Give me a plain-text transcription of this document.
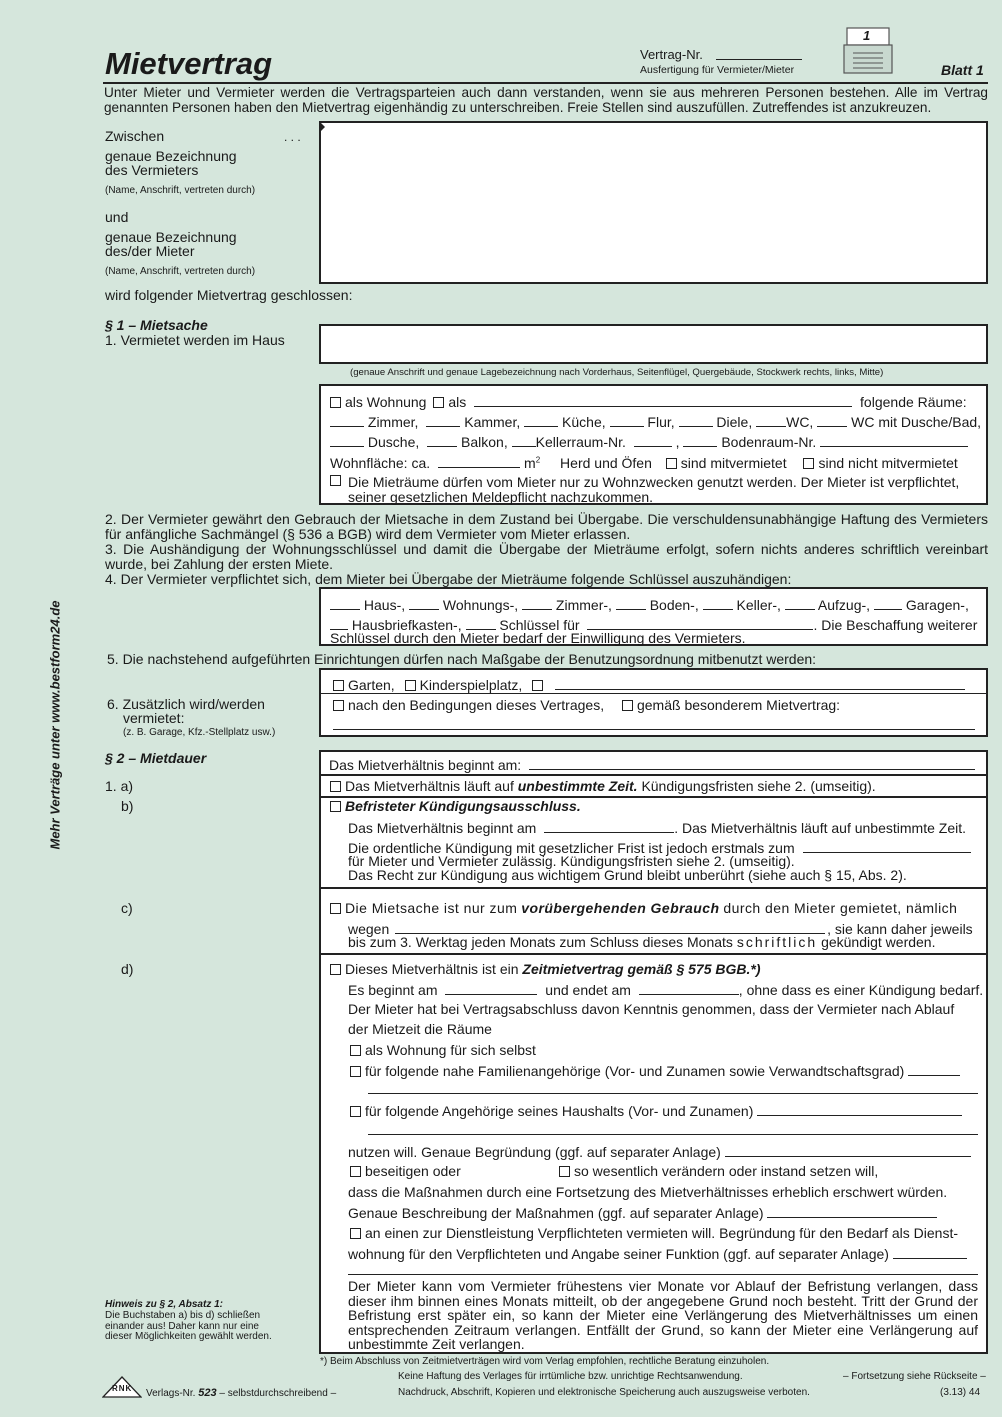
Mietvertrag	Vertrag-Nr.
Ausfertigung für Vermieter/Mieter
1
Blatt 1
Unter Mieter und Vermieter werden die Vertragsparteien auch dann verstanden, wenn sie aus mehreren Personen bestehen. Alle im Vertrag genannten Personen haben den Mietvertrag eigenhändig zu unterschreiben. Freie Stellen sind auszufüllen. Zutreffendes ist anzukreuzen.
Mehr Verträge unter www.bestform24.de
Zwischen	. . .
genaue Bezeichnung
des Vermieters
(Name, Anschrift, vertreten durch)
und
genaue Bezeichnung
des/der Mieter
(Name, Anschrift, vertreten durch)
wird folgender Mietvertrag geschlossen:
§ 1 – Mietsache
1. Vermietet werden im Haus
(genaue Anschrift und genaue Lagebezeichnung nach Vorderhaus, Seitenflügel, Quergebäude, Stockwerk rechts, links, Mitte)
als Wohnung als	folgende Räume:
Zimmer,	Kammer,	Küche,	Flur,	Diele, WC,	WC mit Dusche/Bad,
Dusche,	Balkon, Kellerraum-Nr.	,	Bodenraum-Nr.
Wohnfläche: ca.	$m^2$ Herd und Öfen sind mitvermietet sind nicht mitvermietet
Die Mieträume dürfen vom Mieter nur zu Wohnzwecken genutzt werden. Der Mieter ist verpflichtet, seiner gesetzlichen Meldepflicht nachzukommen.
2. Der Vermieter gewährt den Gebrauch der Mietsache in dem Zustand bei Übergabe. Die verschuldensunabhängige Haftung des Vermieters für anfängliche Sachmängel (§ 536 a BGB) wird dem Vermieter vom Mieter erlassen.
3. Die Aushändigung der Wohnungsschlüssel und damit die Übergabe der Mieträume erfolgt, sofern nichts anderes schriftlich vereinbart wurde, bei Zahlung der ersten Miete.
4. Der Vermieter verpflichtet sich, dem Mieter bei Übergabe der Mieträume folgende Schlüssel auszuhändigen:
Haus-,	Wohnungs-,	Zimmer-,	Boden-,	Keller-,	Aufzug-,	Garagen-,
Hausbriefkasten-,	Schlüssel für	. Die Beschaffung weiterer
Schlüssel durch den Mieter bedarf der Einwilligung des Vermieters.
5. Die nachstehend aufgeführten Einrichtungen dürfen nach Maßgabe der Benutzungsordnung mitbenutzt werden:
Garten, Kinderspielplatz,
6. Zusätzlich wird/werden
vermietet:
(z. B. Garage, Kfz.-Stellplatz usw.)
nach den Bedingungen dieses Vertrages, gemäß besonderem Mietvertrag:
§ 2 – Mietdauer	Das Mietverhältnis beginnt am:
1. a)	Das Mietverhältnis läuft auf unbestimmte Zeit. Kündigungsfristen siehe 2. (umseitig).
b)	Befristeter Kündigungsausschluss.
Das Mietverhältnis beginnt am	. Das Mietverhältnis läuft auf unbestimmte Zeit.
Die ordentliche Kündigung mit gesetzlicher Frist ist jedoch erstmals zum
für Mieter und Vermieter zulässig. Kündigungsfristen siehe 2. (umseitig).
Das Recht zur Kündigung aus wichtigem Grund bleibt unberührt (siehe auch § 15, Abs. 2).
c)	Die Mietsache ist nur zum vorübergehenden Gebrauch durch den Mieter gemietet, nämlich
wegen	, sie kann daher jeweils
bis zum 3. Werktag jeden Monats zum Schluss dieses Monats schriftlich gekündigt werden.
d)	Dieses Mietverhältnis ist ein Zeitmietvertrag gemäß § 575 BGB.*)
Es beginnt am	und endet am	, ohne dass es einer Kündigung bedarf.
Der Mieter hat bei Vertragsabschluss davon Kenntnis genommen, dass der Vermieter nach Ablauf
der Mietzeit die Räume
als Wohnung für sich selbst
für folgende nahe Familienangehörige (Vor- und Zunamen sowie Verwandtschaftsgrad)
für folgende Angehörige seines Haushalts (Vor- und Zunamen)
nutzen will. Genaue Begründung (ggf. auf separater Anlage)
beseitigen oder	so wesentlich verändern oder instand setzen will,
dass die Maßnahmen durch eine Fortsetzung des Mietverhältnisses erheblich erschwert würden.
Genaue Beschreibung der Maßnahmen (ggf. auf separater Anlage)
an einen zur Dienstleistung Verpflichteten vermieten will. Begründung für den Bedarf als Dienst-
wohnung für den Verpflichteten und Angabe seiner Funktion (ggf. auf separater Anlage)
Der Mieter kann vom Vermieter frühestens vier Monate vor Ablauf der Befristung verlangen, dass dieser ihm binnen eines Monats mitteilt, ob der angegebene Grund noch besteht. Tritt der Grund der Befristung erst später ein, so kann der Mieter eine Verlängerung des Mietverhältnisses um einen entsprechenden Zeitraum verlangen. Entfällt der Grund, so kann der Mieter eine Verlängerung auf unbestimmte Zeit verlangen.
Hinweis zu § 2, Absatz 1:
Die Buchstaben a) bis d) schließen einander aus! Daher kann nur eine dieser Möglichkeiten gewählt werden.
*) Beim Abschluss von Zeitmietverträgen wird vom Verlag empfohlen, rechtliche Beratung einzuholen.
RNK Verlags-Nr. 523 – selbstdurchschreibend –
Keine Haftung des Verlages für irrtümliche bzw. unrichtige Rechtsanwendung.	– Fortsetzung siehe Rückseite –
Nachdruck, Abschrift, Kopieren und elektronische Speicherung auch auszugsweise verboten.	(3.13) 44
